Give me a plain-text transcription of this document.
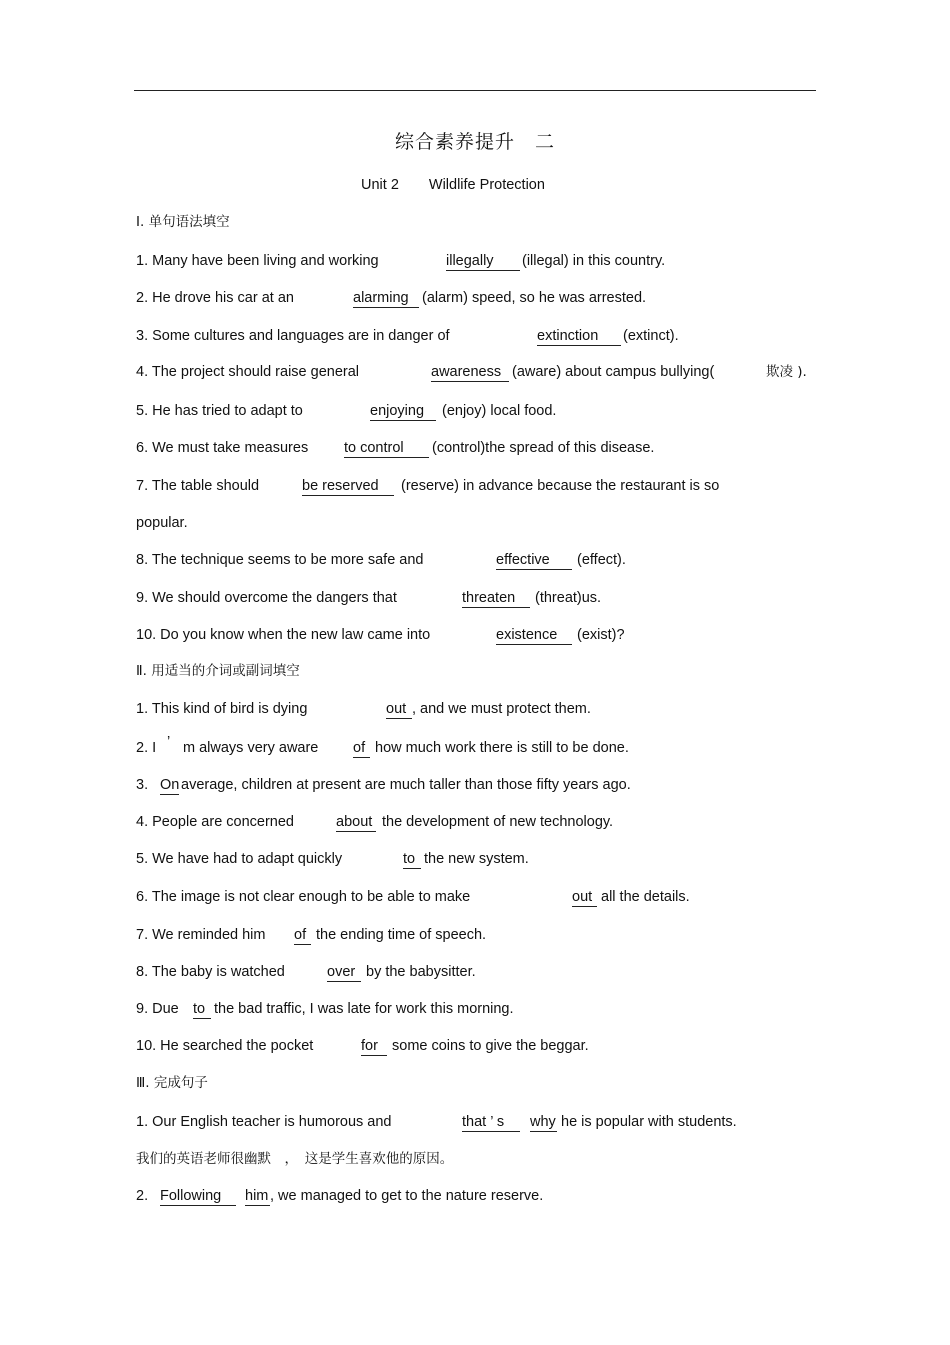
综合素养提升　二
Unit 2 Wildlife Protection
Ⅰ. 单句语法填空
1. Many have been living and working	illegally	(illegal) in this country.
2. He drove his car at an	alarming (alarm) speed, so he was arrested.
3. Some cultures and languages are in danger of	extinction	(extinct).
4. The project should raise general	awareness (aware) about campus bullying(	欺凌 ).
5. He has tried to adapt to	enjoying	(enjoy) local food.
6. We must take measures to control	(control)the spread of this disease.
7. The table should	be reserved	(reserve) in advance because the restaurant is so
popular.
8. The technique seems to be more safe and	effective	(effect).
9. We should overcome the dangers that	threaten	(threat)us.
10. Do you know when the new law came into	existence	(exist)?
Ⅱ. 用适当的介词或副词填空
1. This kind of bird is dying	out , and we must protect them.
2. I ’ m always very aware of how much work there is still to be done.
3. On average, children at present are much taller than those fifty years ago.
4. People are concerned	about the development of new technology.
5. We have had to adapt quickly	to the new system.
6. The image is not clear enough to be able to make	out all the details.
7. We reminded him of the ending time of speech.
8. The baby is watched	over by the babysitter.
9. Due to the bad traffic, I was late for work this morning.
10. He searched the pocket	for some coins to give the beggar.
Ⅲ. 完成句子
1. Our English teacher is humorous and	that ’ s	why he is popular with students.
我们的英语老师很幽默　，　这是学生喜欢他的原因。
2. Following	him , we managed to get to the nature reserve.
